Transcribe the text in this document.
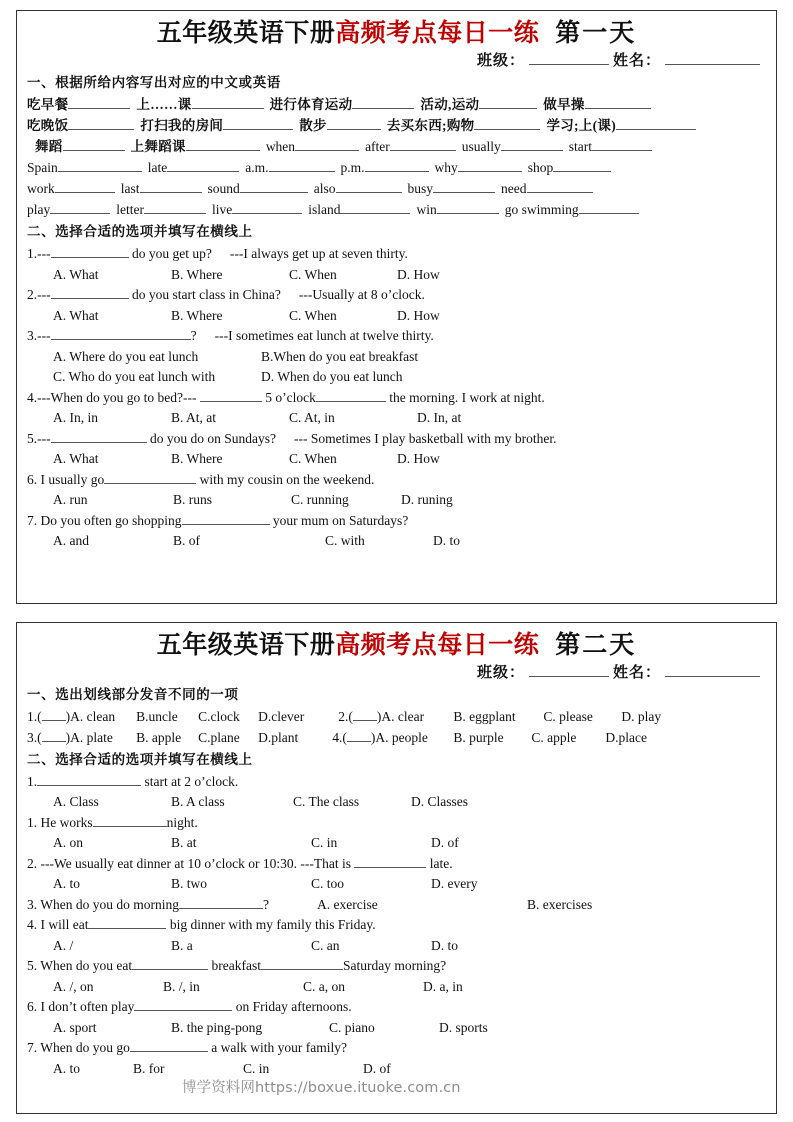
五年级英语下册高频考点每日一练 第一天
班级：	姓名：
一、根据所给内容写出对应的中文或英语
吃早餐	上……课	进行体育运动	活动,运动	做早操
吃晚饭	打扫我的房间	散步	去买东西;购物	学习;上(课)
舞蹈	上舞蹈课	when	after	usually	start
Spain	late	a.m.	p.m.	why	shop
work	last	sound	also	busy	need
play	letter	live	island	win	go swimming
二、选择合适的选项并填写在横线上
1.---	do you get up? ---I always get up at seven thirty.
A. What	B. Where	C. When	D. How
2.---	do you start class in China? ---Usually at 8 o’clock.
A. What	B. Where	C. When	D. How
3.---	? ---I sometimes eat lunch at twelve thirty.
A. Where do you eat lunch	B.When do you eat breakfast
C. Who do you eat lunch with	D. When do you eat lunch
4.---When do you go to bed?---	5 o’clock	the morning. I work at night.
A. In, in	B. At, at	C. At, in	D. In, at
5.---	do you do on Sundays? --- Sometimes I play basketball with my brother.
A. What	B. Where	C. When	D. How
6. I usually go	with my cousin on the weekend.
A. run	B. runs	C. running	D. runing
7. Do you often go shopping	your mum on Saturdays?
A. and	B. of	C. with	D. to
五年级英语下册高频考点每日一练 第二天
班级：	姓名：
一、选出划线部分发音不同的一项
1.( )A. clean B.uncle C.clock D.clever	2.( )A. clear B. eggplant C. please D. play
3.( )A. plate B. apple C.plane D.plant	4.( )A. people B. purple C. apple D.place
二、选择合适的选项并填写在横线上
1.	start at 2 o’clock.
A. Class	B. A class	C. The class	D. Classes
1. He works	night.
A. on	B. at	C. in	D. of
2. ---We usually eat dinner at 10 o’clock or 10:30. ---That is	late.
A. to	B. two	C. too	D. every
3. When do you do morning	?	A. exercise	B. exercises
4. I will eat	big dinner with my family this Friday.
A. /	B. a	C. an	D. to
5. When do you eat	breakfast	Saturday morning?
A. /, on	B. /, in	C. a, on	D. a, in
6. I don’t often play	on Friday afternoons.
A. sport	B. the ping-pong	C. piano	D. sports
7. When do you go	a walk with your family?
A. to	B. for	C. in	D. of
博学资料网https://boxue.ituoke.com.cn
